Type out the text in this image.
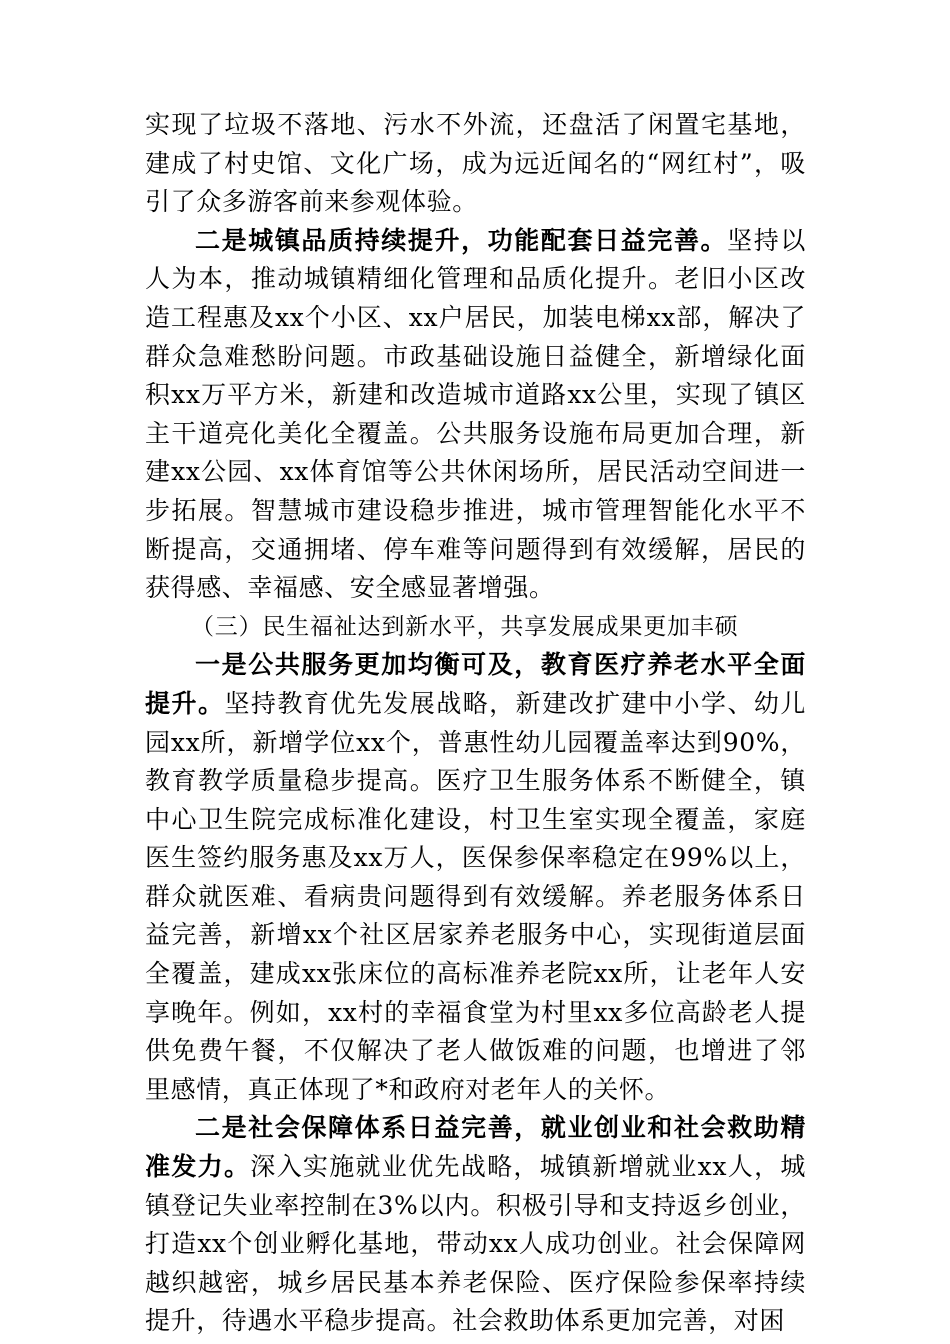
实现了垃圾不落地、污水不外流，还盘活了闲置宅基地，建成了村史馆、文化广场，成为远近闻名的“网红村”，吸引了众多游客前来参观体验。

二是城镇品质持续提升，功能配套日益完善。坚持以人为本，推动城镇精细化管理和品质化提升。老旧小区改造工程惠及xx个小区、xx户居民，加装电梯xx部，解决了群众急难愁盼问题。市政基础设施日益健全，新增绿化面积xx万平方米，新建和改造城市道路xx公里，实现了镇区主干道亮化美化全覆盖。公共服务设施布局更加合理，新建xx公园、xx体育馆等公共休闲场所，居民活动空间进一步拓展。智慧城市建设稳步推进，城市管理智能化水平不断提高，交通拥堵、停车难等问题得到有效缓解，居民的获得感、幸福感、安全感显著增强。

（三）民生福祉达到新水平，共享发展成果更加丰硕

一是公共服务更加均衡可及，教育医疗养老水平全面提升。坚持教育优先发展战略，新建改扩建中小学、幼儿园xx所，新增学位xx个，普惠性幼儿园覆盖率达到90%，教育教学质量稳步提高。医疗卫生服务体系不断健全，镇中心卫生院完成标准化建设，村卫生室实现全覆盖，家庭医生签约服务惠及xx万人，医保参保率稳定在99%以上，群众就医难、看病贵问题得到有效缓解。养老服务体系日益完善，新增xx个社区居家养老服务中心，实现街道层面全覆盖，建成xx张床位的高标准养老院xx所，让老年人安享晚年。例如，xx村的幸福食堂为村里xx多位高龄老人提供免费午餐，不仅解决了老人做饭难的问题，也增进了邻里感情，真正体现了*和政府对老年人的关怀。

二是社会保障体系日益完善，就业创业和社会救助精准发力。深入实施就业优先战略，城镇新增就业xx人，城镇登记失业率控制在3%以内。积极引导和支持返乡创业，打造xx个创业孵化基地，带动xx人成功创业。社会保障网越织越密，城乡居民基本养老保险、医疗保险参保率持续提升，待遇水平稳步提高。社会救助体系更加完善，对困
